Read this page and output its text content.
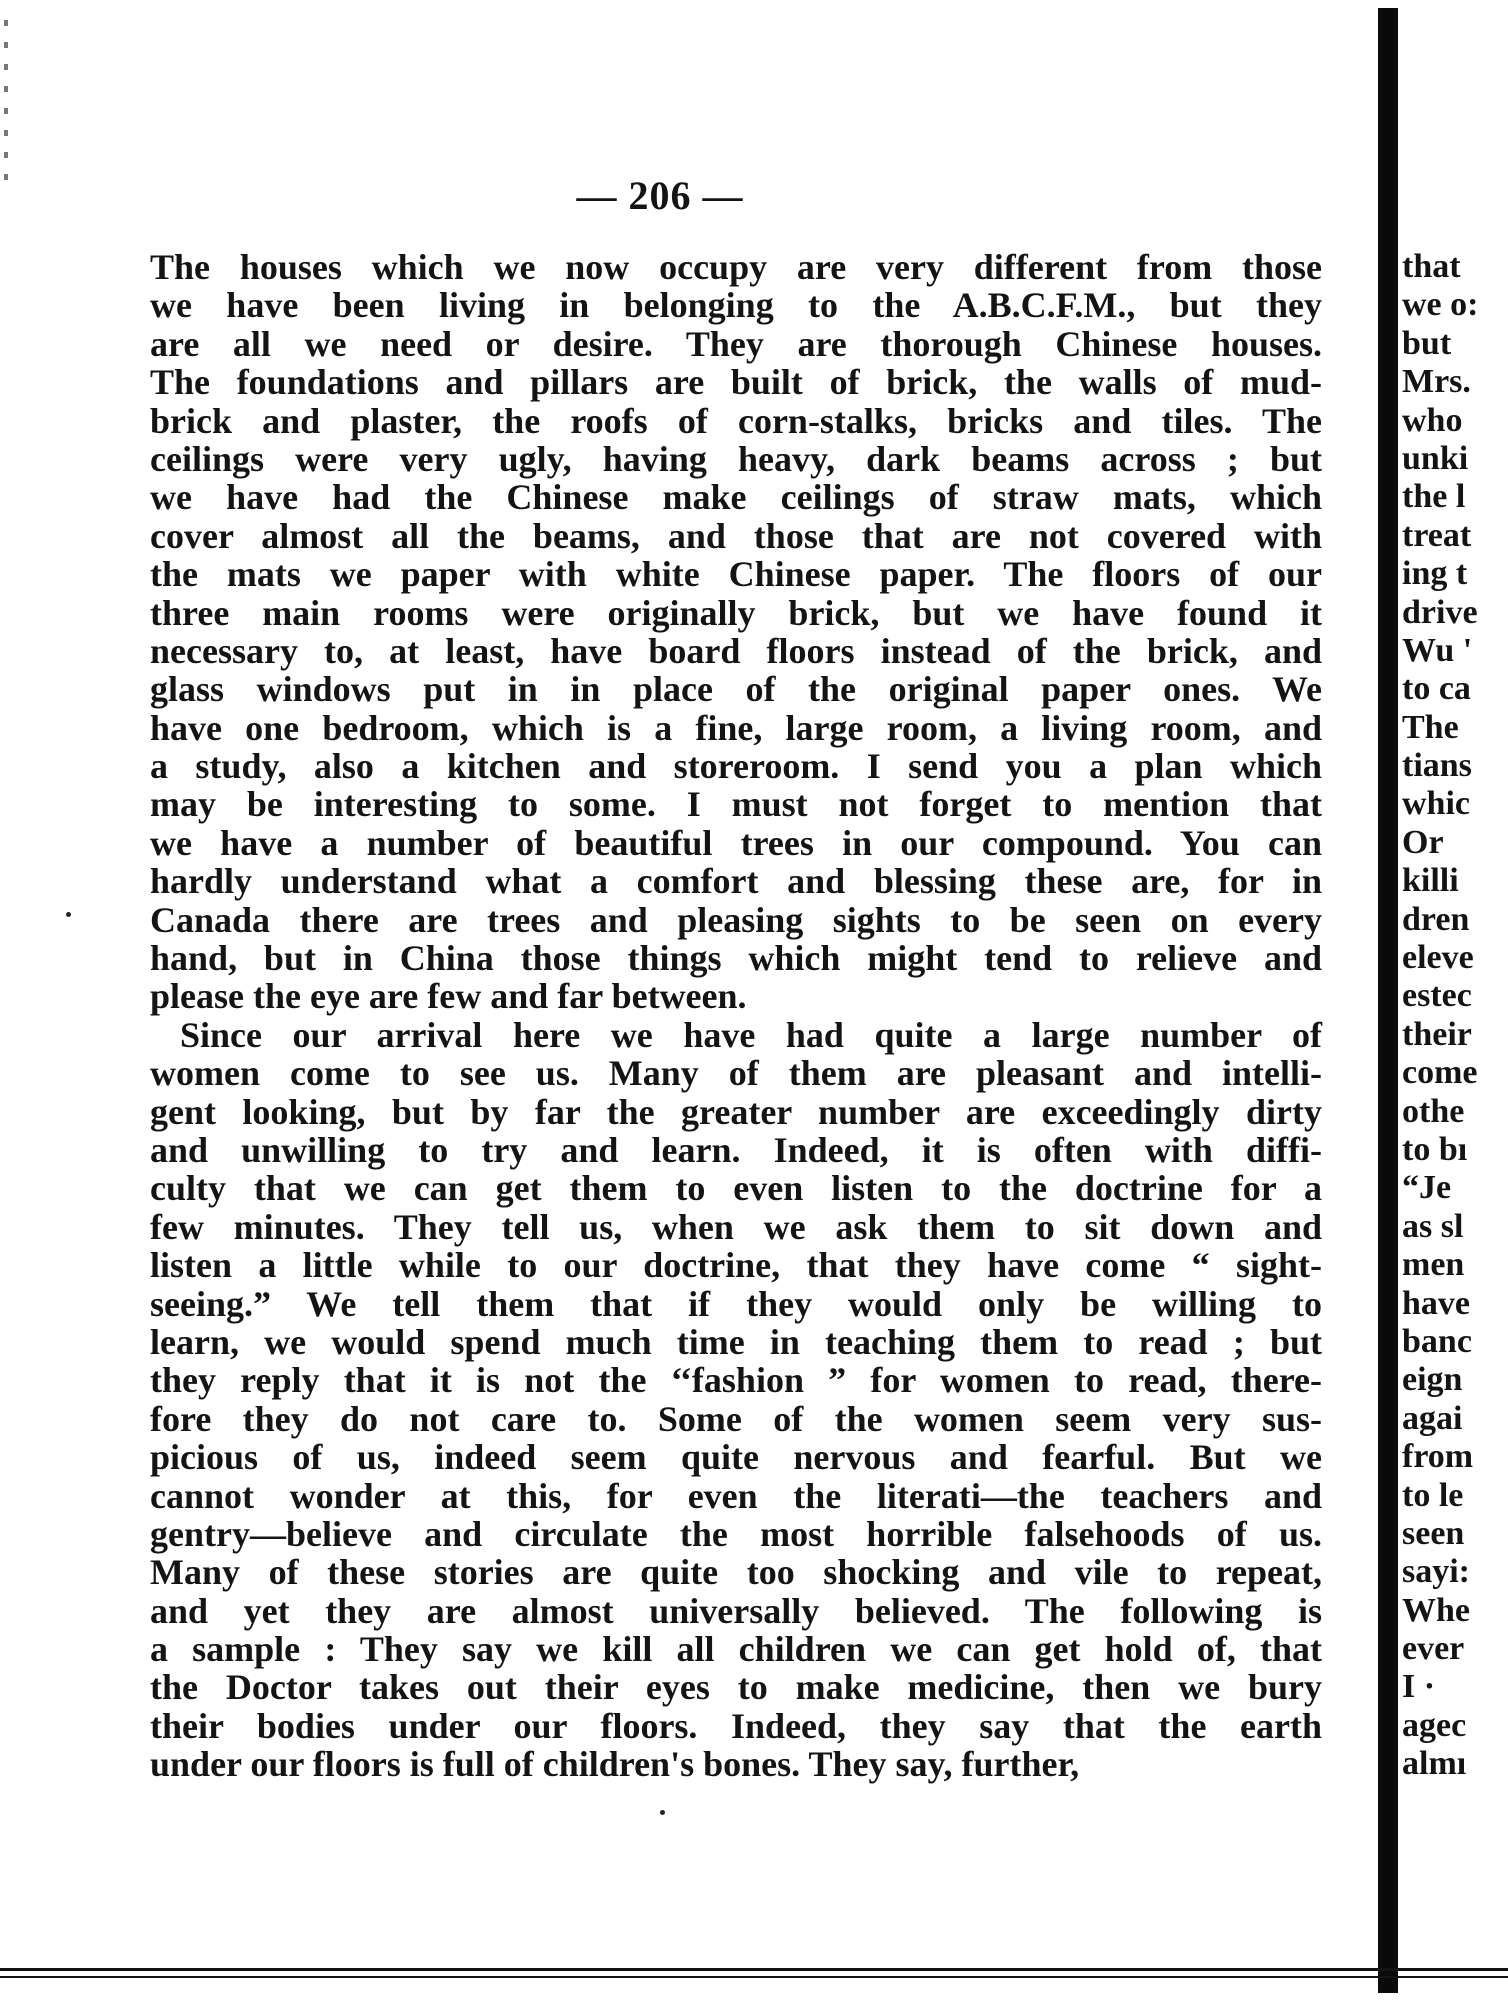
— 206 —
The houses which we now occupy are very different from those
we have been living in belonging to the A.B.C.F.M., but they
are all we need or desire. They are thorough Chinese houses.
The foundations and pillars are built of brick, the walls of mud-
brick and plaster, the roofs of corn-stalks, bricks and tiles. The
ceilings were very ugly, having heavy, dark beams across ; but
we have had the Chinese make ceilings of straw mats, which
cover almost all the beams, and those that are not covered with
the mats we paper with white Chinese paper. The floors of our
three main rooms were originally brick, but we have found it
necessary to, at least, have board floors instead of the brick, and
glass windows put in in place of the original paper ones. We
have one bedroom, which is a fine, large room, a living room, and
a study, also a kitchen and storeroom. I send you a plan which
may be interesting to some. I must not forget to mention that
we have a number of beautiful trees in our compound. You can
hardly understand what a comfort and blessing these are, for in
Canada there are trees and pleasing sights to be seen on every
hand, but in China those things which might tend to relieve and
please the eye are few and far between.
Since our arrival here we have had quite a large number of
women come to see us. Many of them are pleasant and intelli-
gent looking, but by far the greater number are exceedingly dirty
and unwilling to try and learn. Indeed, it is often with diffi-
culty that we can get them to even listen to the doctrine for a
few minutes. They tell us, when we ask them to sit down and
listen a little while to our doctrine, that they have come “ sight-
seeing.” We tell them that if they would only be willing to
learn, we would spend much time in teaching them to read ; but
they reply that it is not the ‘‘fashion ” for women to read, there-
fore they do not care to. Some of the women seem very sus-
picious of us, indeed seem quite nervous and fearful. But we
cannot wonder at this, for even the literati—the teachers and
gentry—believe and circulate the most horrible falsehoods of us.
Many of these stories are quite too shocking and vile to repeat,
and yet they are almost universally believed. The following is
a sample : They say we kill all children we can get hold of, that
the Doctor takes out their eyes to make medicine, then we bury
their bodies under our floors. Indeed, they say that the earth
under our floors is full of children's bones. They say, further,
that
we o:
but
Mrs.
who
unki
the l
treat
ing t
drive
Wu '
to ca
The
tians
whic
Or
killi
dren
eleve
estec
their
come
othe
to bı
“Je
as sl
men
have
banc
eign
agai
from
to le
seen
sayi:
Whe
ever
I ·
agec
almı
